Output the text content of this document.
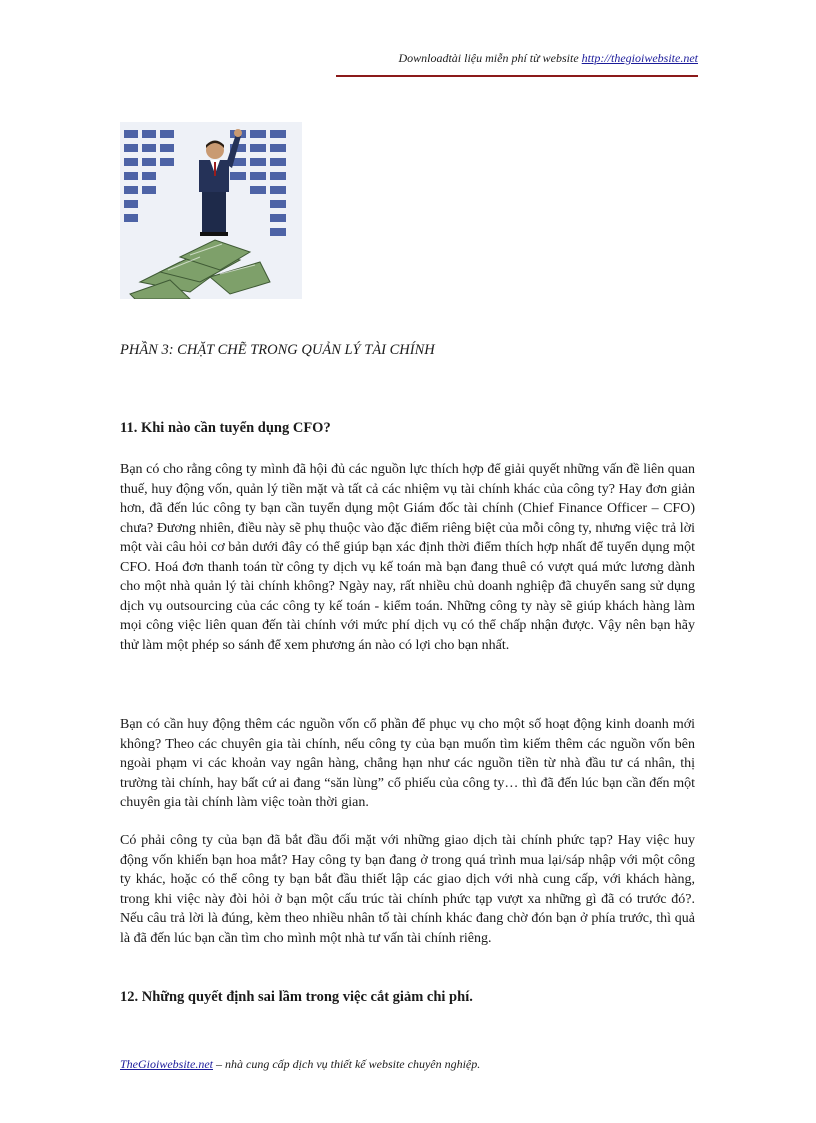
Downloadtài liệu miễn phí từ website http://thegioiwebsite.net
PHẦN 3: CHẶT CHẼ TRONG QUẢN LÝ TÀI CHÍNH
11. Khi nào cần tuyển dụng CFO?
Bạn có cho rằng công ty mình đã hội đủ các nguồn lực thích hợp để giải quyết những vấn đề liên quan thuế, huy động vốn, quản lý tiền mặt và tất cả các nhiệm vụ tài chính khác của công ty? Hay đơn giản hơn, đã đến lúc công ty bạn cần tuyển dụng một Giám đốc tài chính (Chief Finance Officer – CFO) chưa? Đương nhiên, điều này sẽ phụ thuộc vào đặc điểm riêng biệt của mỗi công ty, nhưng việc trả lời một vài câu hỏi cơ bản dưới đây có thể giúp bạn xác định thời điểm thích hợp nhất để tuyển dụng một CFO. Hoá đơn thanh toán từ công ty dịch vụ kế toán mà bạn đang thuê có vượt quá mức lương dành cho một nhà quản lý tài chính không? Ngày nay, rất nhiều chủ doanh nghiệp đã chuyển sang sử dụng dịch vụ outsourcing của các công ty kế toán - kiểm toán. Những công ty này sẽ giúp khách hàng làm mọi công việc liên quan đến tài chính với mức phí dịch vụ có thể chấp nhận được. Vậy nên bạn hãy thử làm một phép so sánh để xem phương án nào có lợi cho bạn nhất.
Bạn có cần huy động thêm các nguồn vốn cổ phần để phục vụ cho một số hoạt động kinh doanh mới không? Theo các chuyên gia tài chính, nếu công ty của bạn muốn tìm kiếm thêm các nguồn vốn bên ngoài phạm vi các khoản vay ngân hàng, chẳng hạn như các nguồn tiền từ nhà đầu tư cá nhân, thị trường tài chính, hay bất cứ ai đang “săn lùng” cổ phiếu của công ty… thì đã đến lúc bạn cần đến một chuyên gia tài chính làm việc toàn thời gian.
Có phải công ty của bạn đã bắt đầu đối mặt với những giao dịch tài chính phức tạp? Hay việc huy động vốn khiến bạn hoa mắt? Hay công ty bạn đang ở trong quá trình mua lại/sáp nhập với một công ty khác, hoặc có thể công ty bạn bắt đầu thiết lập các giao dịch với nhà cung cấp, với khách hàng, trong khi việc này đòi hỏi ở bạn một cấu trúc tài chính phức tạp vượt xa những gì đã có trước đó?. Nếu câu trả lời là đúng, kèm theo nhiều nhân tố tài chính khác đang chờ đón bạn ở phía trước, thì quả là đã đến lúc bạn cần tìm cho mình một nhà tư vấn tài chính riêng.
12. Những quyết định sai lầm trong việc cắt giảm chi phí.
TheGioiwebsite.net – nhà cung cấp dịch vụ thiết kế website chuyên nghiệp.
